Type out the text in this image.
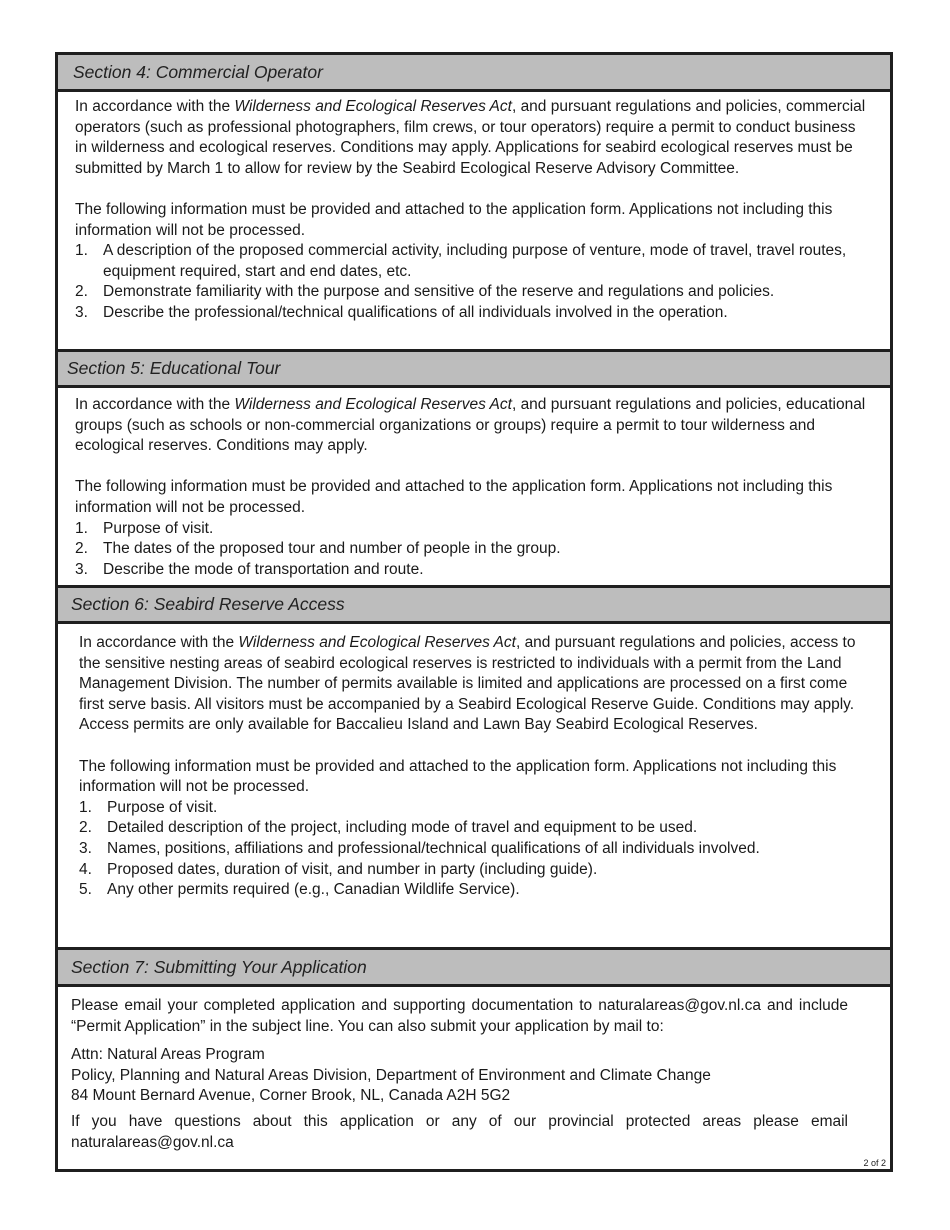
Section 4: Commercial Operator

In accordance with the Wilderness and Ecological Reserves Act, and pursuant regulations and policies, commercial operators (such as professional photographers, film crews, or tour operators) require a permit to conduct business in wilderness and ecological reserves. Conditions may apply. Applications for seabird ecological reserves must be submitted by March 1 to allow for review by the Seabird Ecological Reserve Advisory Committee.

The following information must be provided and attached to the application form. Applications not including this information will not be processed.

1. A description of the proposed commercial activity, including purpose of venture, mode of travel, travel routes, equipment required, start and end dates, etc.
2. Demonstrate familiarity with the purpose and sensitive of the reserve and regulations and policies.
3. Describe the professional/technical qualifications of all individuals involved in the operation.
Section 5: Educational Tour

In accordance with the Wilderness and Ecological Reserves Act, and pursuant regulations and policies, educational groups (such as schools or non-commercial organizations or groups) require a permit to tour wilderness and ecological reserves. Conditions may apply.

The following information must be provided and attached to the application form. Applications not including this information will not be processed.

1. Purpose of visit.
2. The dates of the proposed tour and number of people in the group.
3. Describe the mode of transportation and route.
Section 6: Seabird Reserve Access

In accordance with the Wilderness and Ecological Reserves Act, and pursuant regulations and policies, access to the sensitive nesting areas of seabird ecological reserves is restricted to individuals with a permit from the Land Management Division. The number of permits available is limited and applications are processed on a first come first serve basis. All visitors must be accompanied by a Seabird Ecological Reserve Guide. Conditions may apply. Access permits are only available for Baccalieu Island and Lawn Bay Seabird Ecological Reserves.

The following information must be provided and attached to the application form. Applications not including this information will not be processed.

1. Purpose of visit.
2. Detailed description of the project, including mode of travel and equipment to be used.
3. Names, positions, affiliations and professional/technical qualifications of all individuals involved.
4. Proposed dates, duration of visit, and number in party (including guide).
5. Any other permits required (e.g., Canadian Wildlife Service).
Section 7: Submitting Your Application

Please email your completed application and supporting documentation to naturalareas@gov.nl.ca and include “Permit Application” in the subject line. You can also submit your application by mail to:

Attn: Natural Areas Program

Policy, Planning and Natural Areas Division, Department of Environment and Climate Change

84 Mount Bernard Avenue, Corner Brook, NL, Canada A2H 5G2

If you have questions about this application or any of our provincial protected areas please email naturalareas@gov.nl.ca

2 of 2
